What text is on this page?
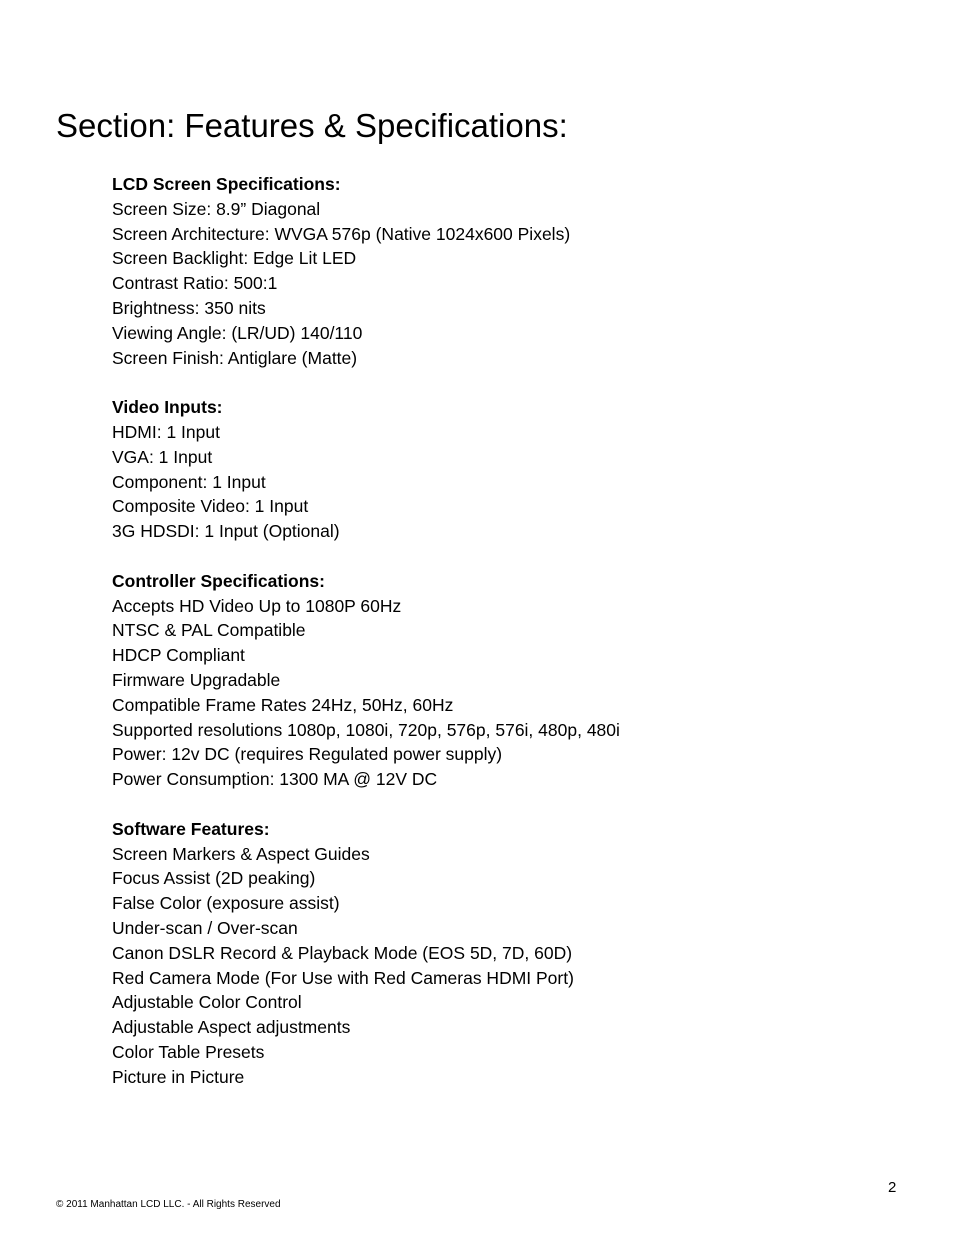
Section: Features & Specifications:
LCD Screen Specifications:
Screen Size: 8.9” Diagonal
Screen Architecture: WVGA 576p (Native 1024x600 Pixels)
Screen Backlight: Edge Lit LED
Contrast Ratio: 500:1
Brightness: 350 nits
Viewing Angle: (LR/UD) 140/110
Screen Finish: Antiglare (Matte)
Video Inputs:
HDMI: 1 Input
VGA: 1 Input
Component: 1 Input
Composite Video: 1 Input
3G HDSDI: 1 Input (Optional)
Controller Specifications:
Accepts HD Video Up to 1080P 60Hz
NTSC & PAL Compatible
HDCP Compliant
Firmware Upgradable
Compatible Frame Rates 24Hz, 50Hz, 60Hz
Supported resolutions 1080p, 1080i, 720p, 576p, 576i, 480p, 480i
Power: 12v DC (requires Regulated power supply)
Power Consumption: 1300 MA @ 12V DC
Software Features:
Screen Markers & Aspect Guides
Focus Assist (2D peaking)
False Color (exposure assist)
Under-scan / Over-scan
Canon DSLR Record & Playback Mode (EOS 5D, 7D, 60D)
Red Camera Mode (For Use with Red Cameras HDMI Port)
Adjustable Color Control
Adjustable Aspect adjustments
Color Table Presets
Picture in Picture
2
© 2011 Manhattan LCD LLC. - All Rights Reserved
